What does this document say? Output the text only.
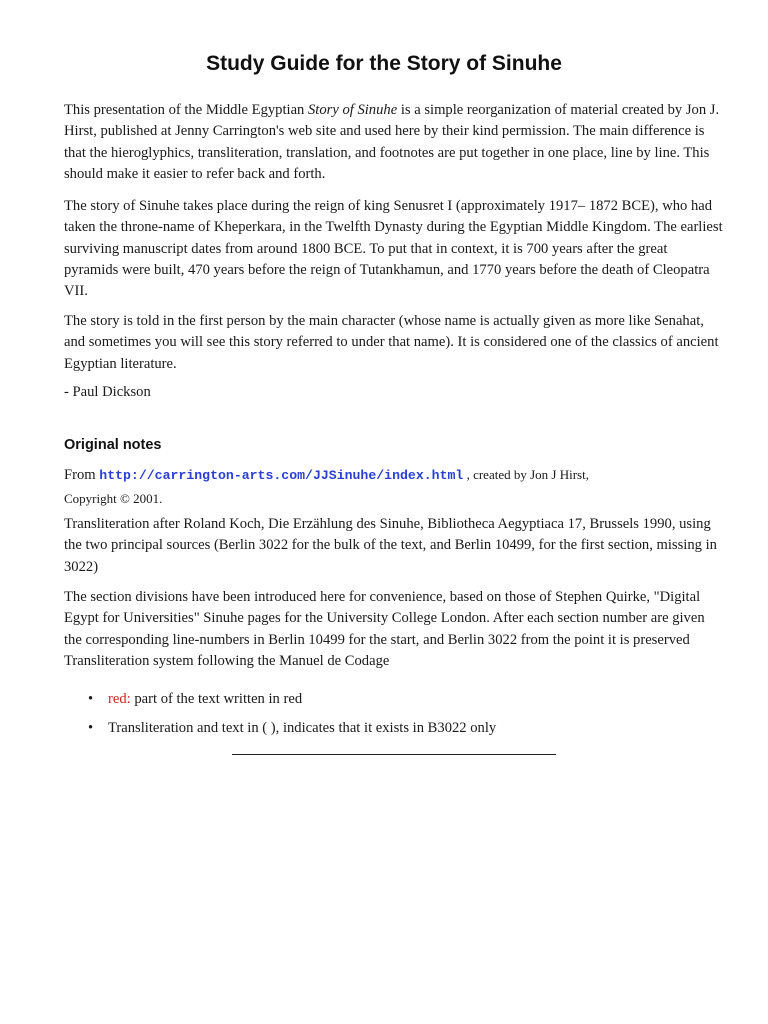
Study Guide for the Story of Sinuhe

This presentation of the Middle Egyptian Story of Sinuhe is a simple reorganization of material created by Jon J. Hirst, published at Jenny Carrington's web site and used here by their kind permission. The main difference is that the hieroglyphics, transliteration, translation, and footnotes are put together in one place, line by line. This should make it easier to refer back and forth.

The story of Sinuhe takes place during the reign of king Senusret I (approximately 1917– 1872 BCE), who had taken the throne-name of Kheperkara, in the Twelfth Dynasty during the Egyptian Middle Kingdom. The earliest surviving manuscript dates from around 1800 BCE. To put that in context, it is 700 years after the great pyramids were built, 470 years before the reign of Tutankhamun, and 1770 years before the death of Cleopatra VII.

The story is told in the first person by the main character (whose name is actually given as more like Senahat, and sometimes you will see this story referred to under that name). It is considered one of the classics of ancient Egyptian literature.

- Paul Dickson

Original notes

From http://carrington-arts.com/JJSinuhe/index.html , created by Jon J Hirst,

Copyright © 2001.

Transliteration after Roland Koch, Die Erzählung des Sinuhe, Bibliotheca Aegyptiaca 17, Brussels 1990, using the two principal sources (Berlin 3022 for the bulk of the text, and Berlin 10499, for the first section, missing in 3022)

The section divisions have been introduced here for convenience, based on those of Stephen Quirke, "Digital Egypt for Universities" Sinuhe pages for the University College London. After each section number are given the corresponding line-numbers in Berlin 10499 for the start, and Berlin 3022 from the point it is preserved Transliteration system following the Manuel de Codage

• red: part of the text written in red
• Transliteration and text in ( ), indicates that it exists in B3022 only
